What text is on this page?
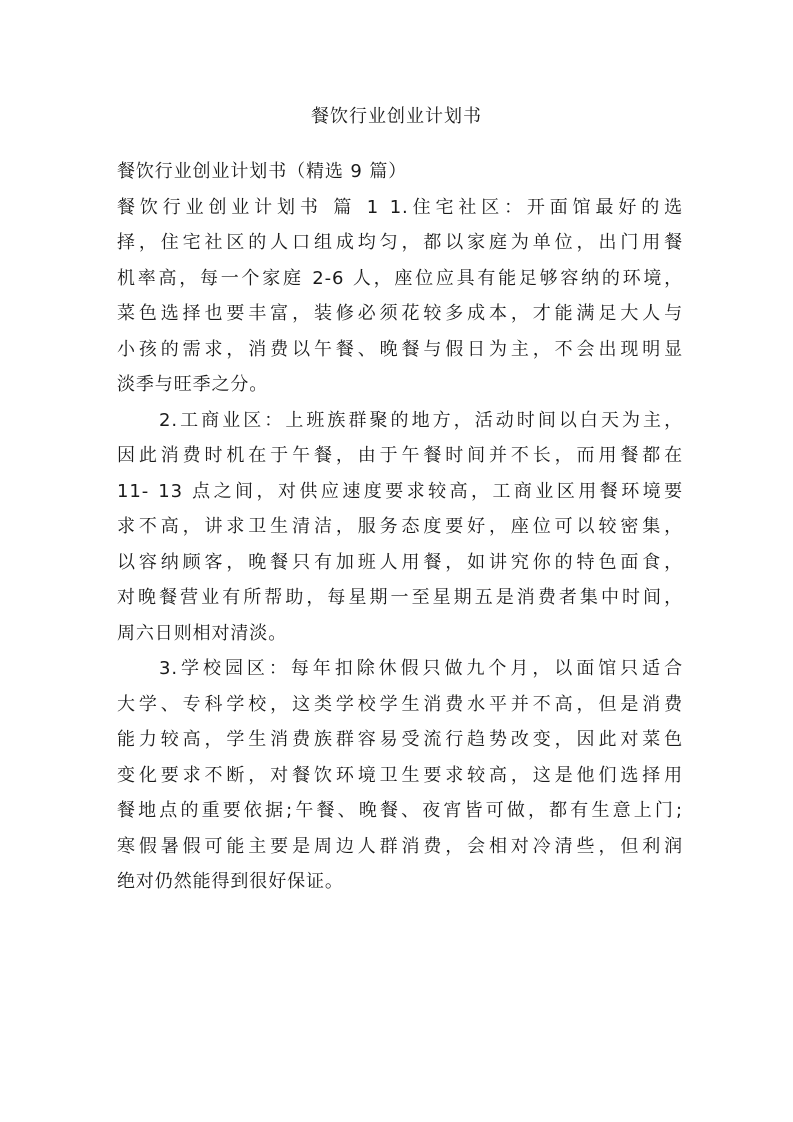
餐饮行业创业计划书
餐饮行业创业计划书（精选 9 篇）
餐饮行业创业计划书 篇 1 1.住宅社区：开面馆最好的选
择，住宅社区的人口组成均匀，都以家庭为单位，出门用餐
机率高，每一个家庭 2-6 人，座位应具有能足够容纳的环境，
菜色选择也要丰富，装修必须花较多成本，才能满足大人与
小孩的需求，消费以午餐、晚餐与假日为主，不会出现明显
淡季与旺季之分。
2.工商业区：上班族群聚的地方，活动时间以白天为主，
因此消费时机在于午餐，由于午餐时间并不长，而用餐都在
11- 13 点之间，对供应速度要求较高，工商业区用餐环境要
求不高，讲求卫生清洁，服务态度要好，座位可以较密集，
以容纳顾客，晚餐只有加班人用餐，如讲究你的特色面食，
对晚餐营业有所帮助，每星期一至星期五是消费者集中时间，
周六日则相对清淡。
3.学校园区：每年扣除休假只做九个月，以面馆只适合
大学、专科学校，这类学校学生消费水平并不高，但是消费
能力较高，学生消费族群容易受流行趋势改变，因此对菜色
变化要求不断，对餐饮环境卫生要求较高，这是他们选择用
餐地点的重要依据;午餐、晚餐、夜宵皆可做，都有生意上门;
寒假暑假可能主要是周边人群消费，会相对冷清些，但利润
绝对仍然能得到很好保证。
